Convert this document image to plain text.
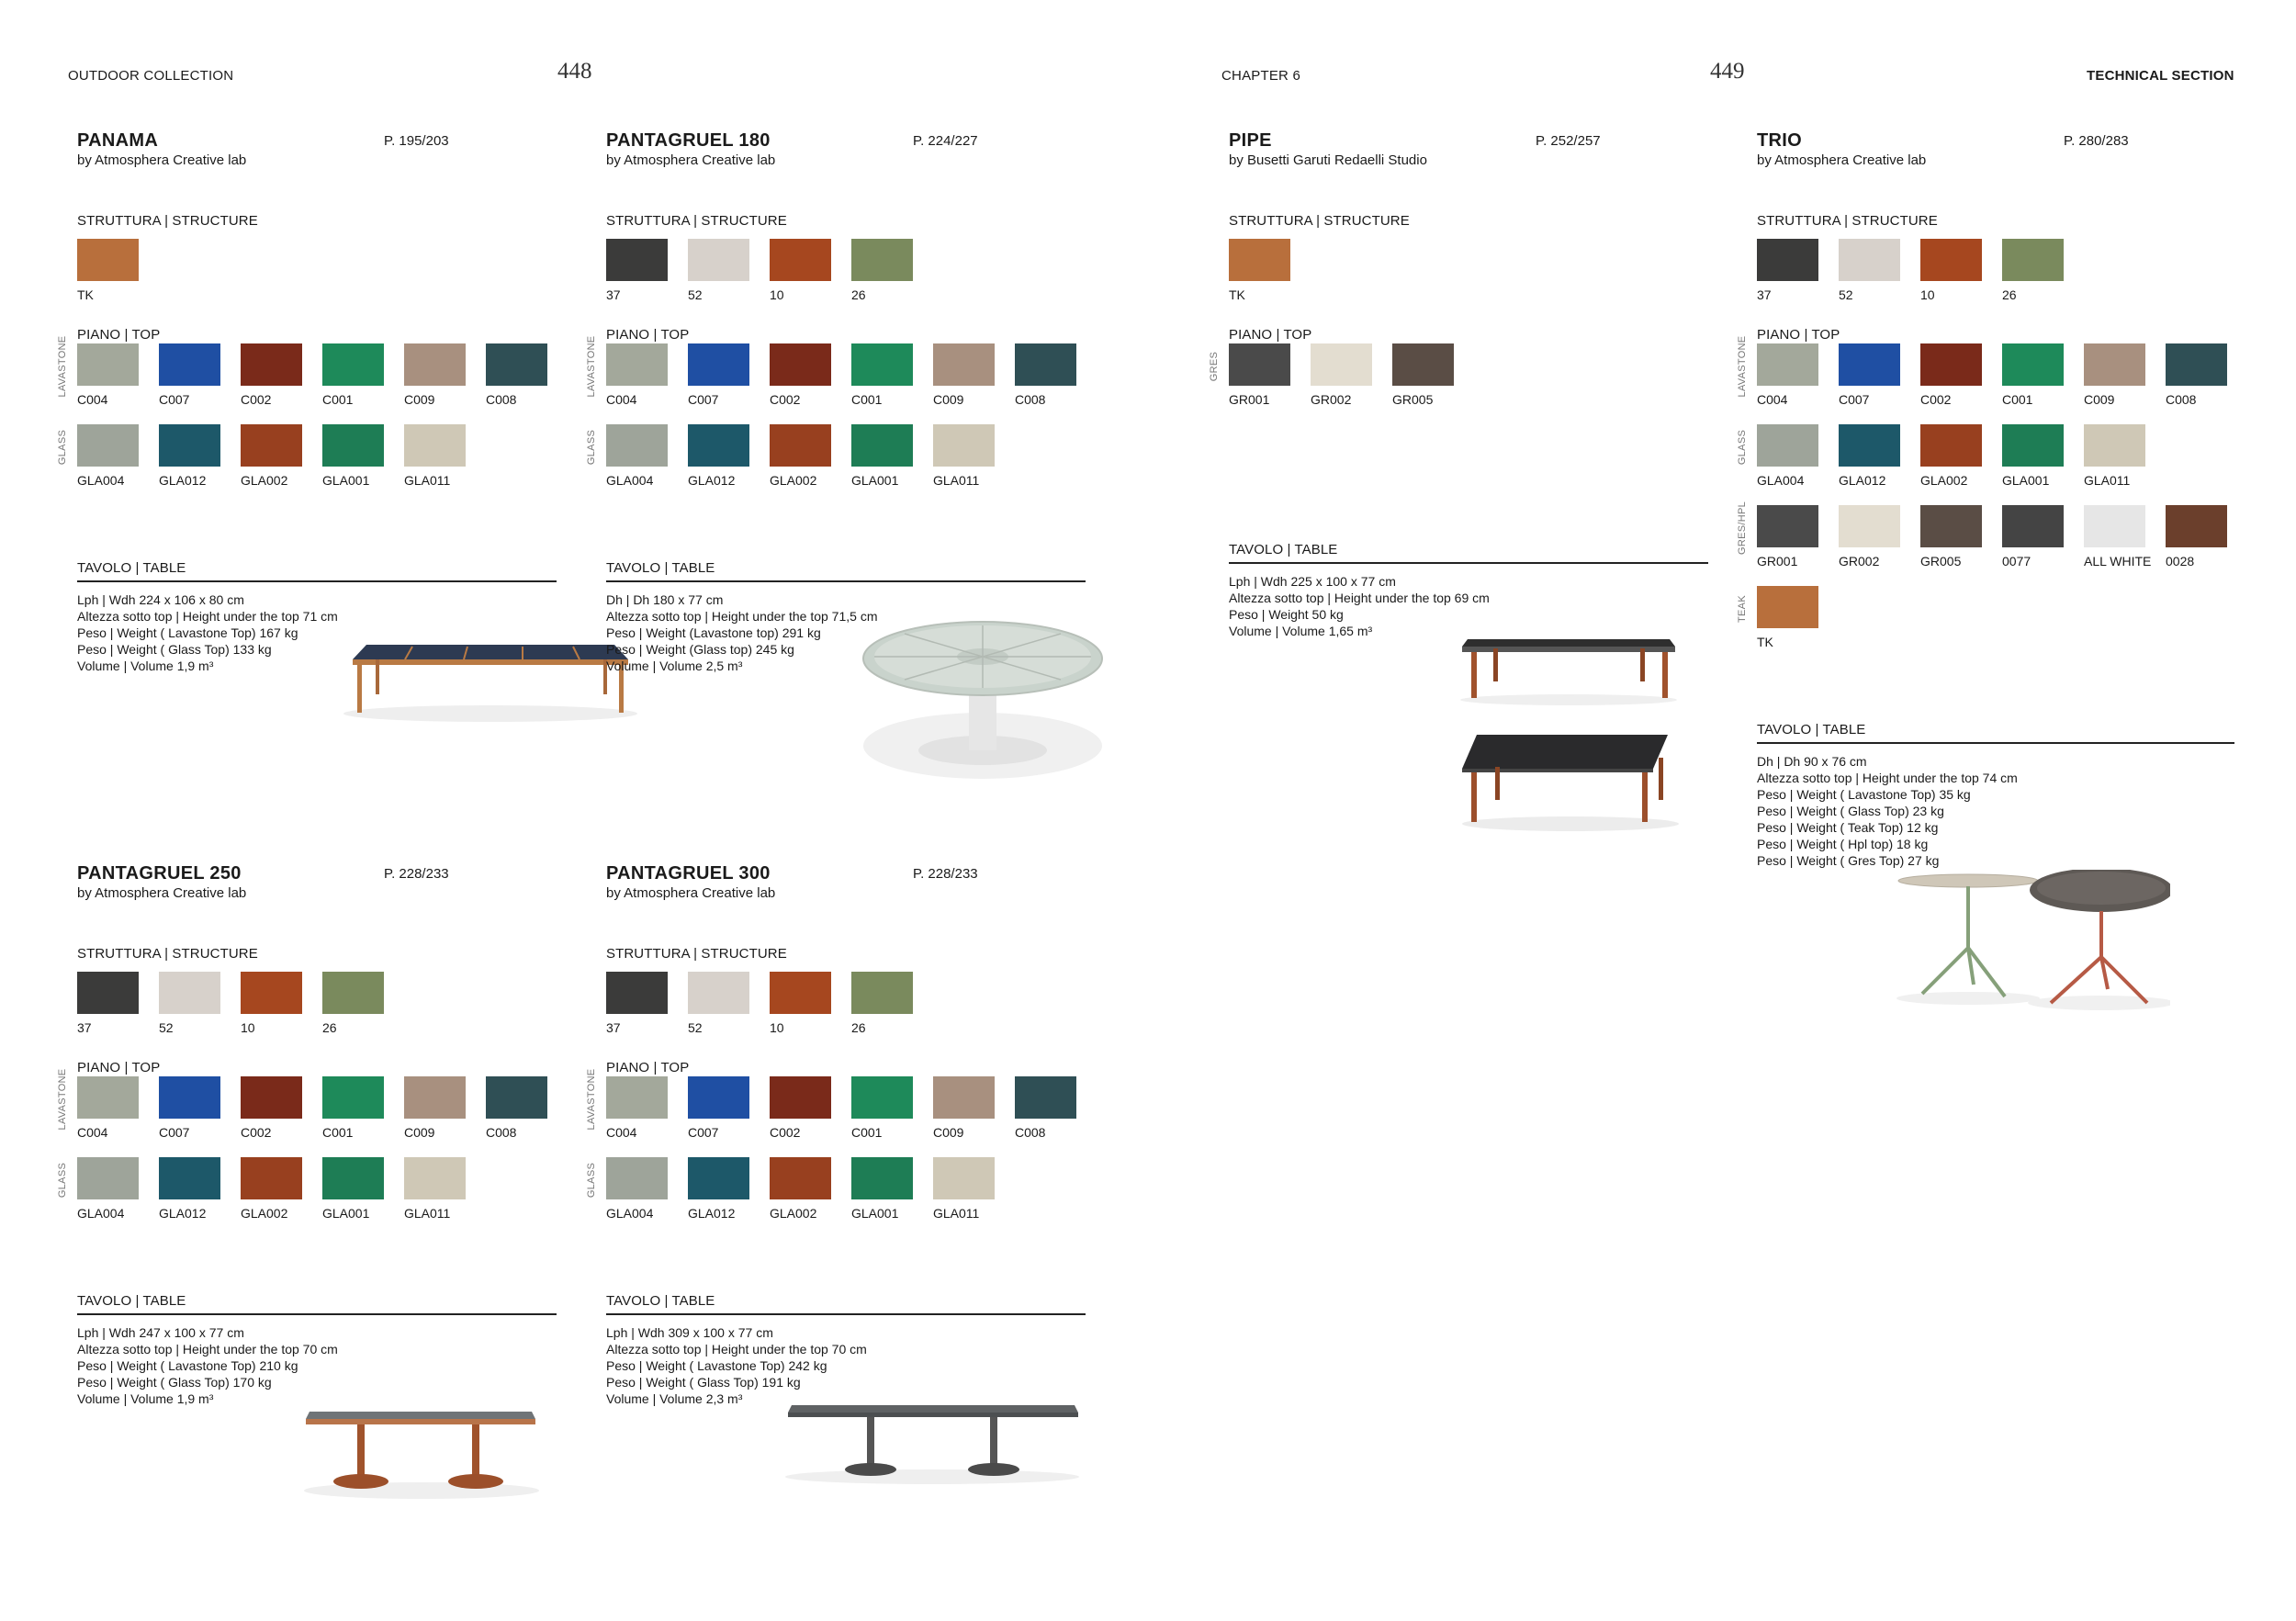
OUTDOOR COLLECTION	448	CHAPTER 6	449	TECHNICAL SECTION
PANAMA
by Atmosphera Creative lab
P. 195/203
STRUTTURA | STRUCTURE
TK
PIANO | TOP
LAVASTONE
C004	C007	C002	C001	C009	C008
GLASS
GLA004	GLA012	GLA002	GLA001	GLA011
TAVOLO | TABLE
Lph | Wdh 224 x 106 x 80 cm
Altezza sotto top | Height under the top 71 cm
Peso | Weight ( Lavastone Top) 167 kg
Peso | Weight ( Glass Top) 133 kg
Volume | Volume 1,9 m³
PANTAGRUEL 180
by Atmosphera Creative lab
P. 224/227
STRUTTURA | STRUCTURE
37	52	10	26
PIANO | TOP
LAVASTONE
C004	C007	C002	C001	C009	C008
GLASS
GLA004	GLA012	GLA002	GLA001	GLA011
TAVOLO | TABLE
Dh | Dh 180 x 77 cm
Altezza sotto top | Height under the top 71,5 cm
Peso | Weight (Lavastone top) 291 kg
Peso | Weight (Glass top) 245 kg
Volume | Volume 2,5 m³
PIPE
by Busetti Garuti Redaelli Studio
P. 252/257
STRUTTURA | STRUCTURE
TK
PIANO | TOP
GRES
GR001	GR002	GR005
TAVOLO | TABLE
Lph | Wdh 225 x 100 x 77 cm
Altezza sotto top | Height under the top 69 cm
Peso | Weight 50 kg
Volume | Volume 1,65 m³
TRIO
by Atmosphera Creative lab
P. 280/283
STRUTTURA | STRUCTURE
37	52	10	26
PIANO | TOP
LAVASTONE
C004	C007	C002	C001	C009	C008
GLASS
GLA004	GLA012	GLA002	GLA001	GLA011
GRES/HPL
GR001	GR002	GR005	0077	ALL WHITE 0028
TEAK
TK
TAVOLO | TABLE
Dh | Dh 90 x 76 cm
Altezza sotto top | Height under the top 74 cm
Peso | Weight ( Lavastone Top) 35 kg
Peso | Weight ( Glass Top) 23 kg
Peso | Weight ( Teak Top) 12 kg
Peso | Weight ( Hpl top) 18 kg
Peso | Weight ( Gres Top) 27 kg
PANTAGRUEL 250
by Atmosphera Creative lab
P. 228/233
STRUTTURA | STRUCTURE
37	52	10	26
PIANO | TOP
LAVASTONE
C004	C007	C002	C001	C009	C008
GLASS
GLA004	GLA012	GLA002	GLA001	GLA011
TAVOLO | TABLE
Lph | Wdh 247 x 100 x 77 cm
Altezza sotto top | Height under the top 70 cm
Peso | Weight ( Lavastone Top) 210 kg
Peso | Weight ( Glass Top) 170 kg
Volume | Volume 1,9 m³
PANTAGRUEL 300
by Atmosphera Creative lab
P. 228/233
STRUTTURA | STRUCTURE
37	52	10	26
PIANO | TOP
LAVASTONE
C004	C007	C002	C001	C009	C008
GLASS
GLA004	GLA012	GLA002	GLA001	GLA011
TAVOLO | TABLE
Lph | Wdh 309 x 100 x 77 cm
Altezza sotto top | Height under the top 70 cm
Peso | Weight ( Lavastone Top) 242 kg
Peso | Weight ( Glass Top) 191 kg
Volume | Volume 2,3 m³
